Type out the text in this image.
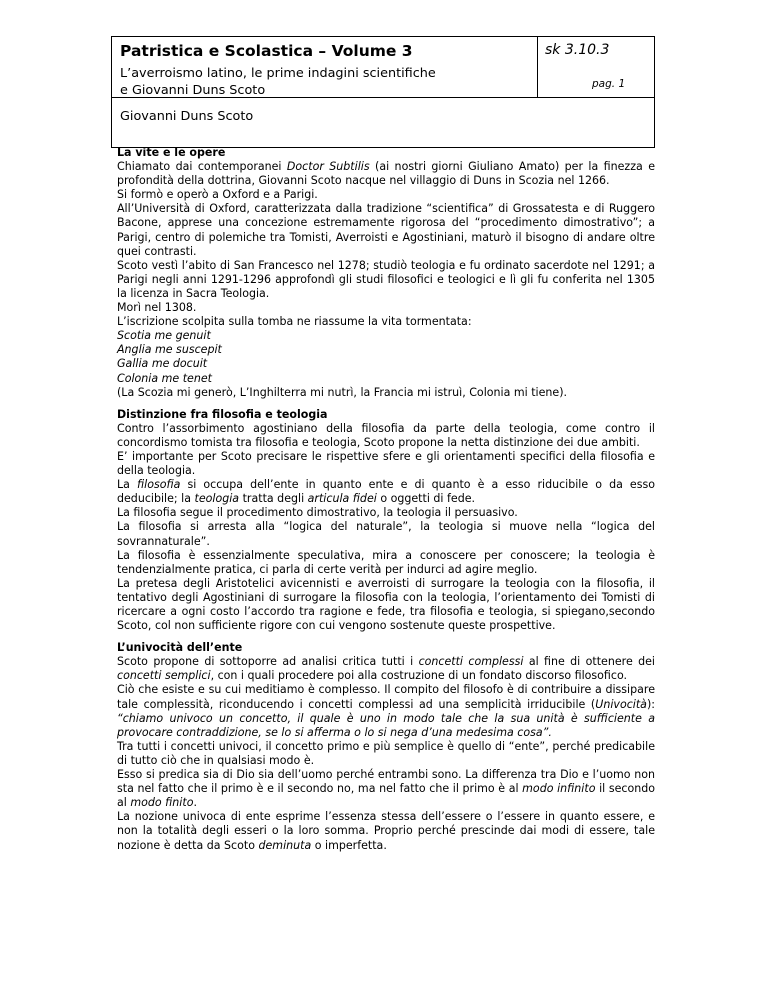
Patristica e Scolastica – Volume 3
L’averroismo latino, le prime indagini scientifiche
e Giovanni Duns Scoto
sk 3.10.3
pag. 1
Giovanni Duns Scoto
La vite e le opere

Chiamato dai contemporanei Doctor Subtilis (ai nostri giorni Giuliano Amato) per la finezza e profondità della dottrina, Giovanni Scoto nacque nel villaggio di Duns in Scozia nel 1266.

Si formò e operò a Oxford e a Parigi.

All’Università di Oxford, caratterizzata dalla tradizione “scientifica” di Grossatesta e di Ruggero Bacone, apprese una concezione estremamente rigorosa del “procedimento dimostrativo”; a Parigi, centro di polemiche tra Tomisti, Averroisti e Agostiniani, maturò il bisogno di andare oltre quei contrasti.

Scoto vestì l’abito di San Francesco nel 1278; studiò teologia e fu ordinato sacerdote nel 1291; a Parigi negli anni 1291-1296 approfondì gli studi filosofici e teologici e lì gli fu conferita nel 1305 la licenza in Sacra Teologia.

Morì nel 1308.

L’iscrizione scolpita sulla tomba ne riassume la vita tormentata:

Scotia me genuit

Anglia me suscepit

Gallia me docuit

Colonia me tenet

(La Scozia mi generò, L’Inghilterra mi nutrì, la Francia mi istruì, Colonia mi tiene).

Distinzione fra filosofia e teologia

Contro l’assorbimento agostiniano della filosofia da parte della teologia, come contro il concordismo tomista tra filosofia e teologia, Scoto propone la netta distinzione dei due ambiti.

E’ importante per Scoto precisare le rispettive sfere e gli orientamenti specifici della filosofia e della teologia.

La filosofia si occupa dell’ente in quanto ente e di quanto è a esso riducibile o da esso deducibile; la teologia tratta degli articula fidei o oggetti di fede.

La filosofia segue il procedimento dimostrativo, la teologia il persuasivo.

La filosofia si arresta alla “logica del naturale”, la teologia si muove nella “logica del sovrannaturale”.

La filosofia è essenzialmente speculativa, mira a conoscere per conoscere; la teologia è tendenzialmente pratica, ci parla di certe verità per indurci ad agire meglio.

La pretesa degli Aristotelici avicennisti e averroisti di surrogare la teologia con la filosofia, il tentativo degli Agostiniani di surrogare la filosofia con la teologia, l’orientamento dei Tomisti di ricercare a ogni costo l’accordo tra ragione e fede, tra filosofia e teologia, si spiegano,secondo Scoto, col non sufficiente rigore con cui vengono sostenute queste prospettive.

L’univocità dell’ente

Scoto propone di sottoporre ad analisi critica tutti i concetti complessi al fine di ottenere dei concetti semplici, con i quali procedere poi alla costruzione di un fondato discorso filosofico.

Ciò che esiste e su cui meditiamo è complesso. Il compito del filosofo è di contribuire a dissipare tale complessità, riconducendo i concetti complessi ad una semplicità irriducibile (Univocità): “chiamo univoco un concetto, il quale è uno in modo tale che la sua unità è sufficiente a provocare contraddizione, se lo si afferma o lo si nega d’una medesima cosa”.

Tra tutti i concetti univoci, il concetto primo e più semplice è quello di “ente”, perché predicabile di tutto ciò che in qualsiasi modo è.

Esso si predica sia di Dio sia dell’uomo perché entrambi sono. La differenza tra Dio e l’uomo non sta nel fatto che il primo è e il secondo no, ma nel fatto che il primo è al modo infinito il secondo al modo finito.

La nozione univoca di ente esprime l’essenza stessa dell’essere o l’essere in quanto essere, e non la totalità degli esseri o la loro somma. Proprio perché prescinde dai modi di essere, tale nozione è detta da Scoto deminuta o imperfetta.
